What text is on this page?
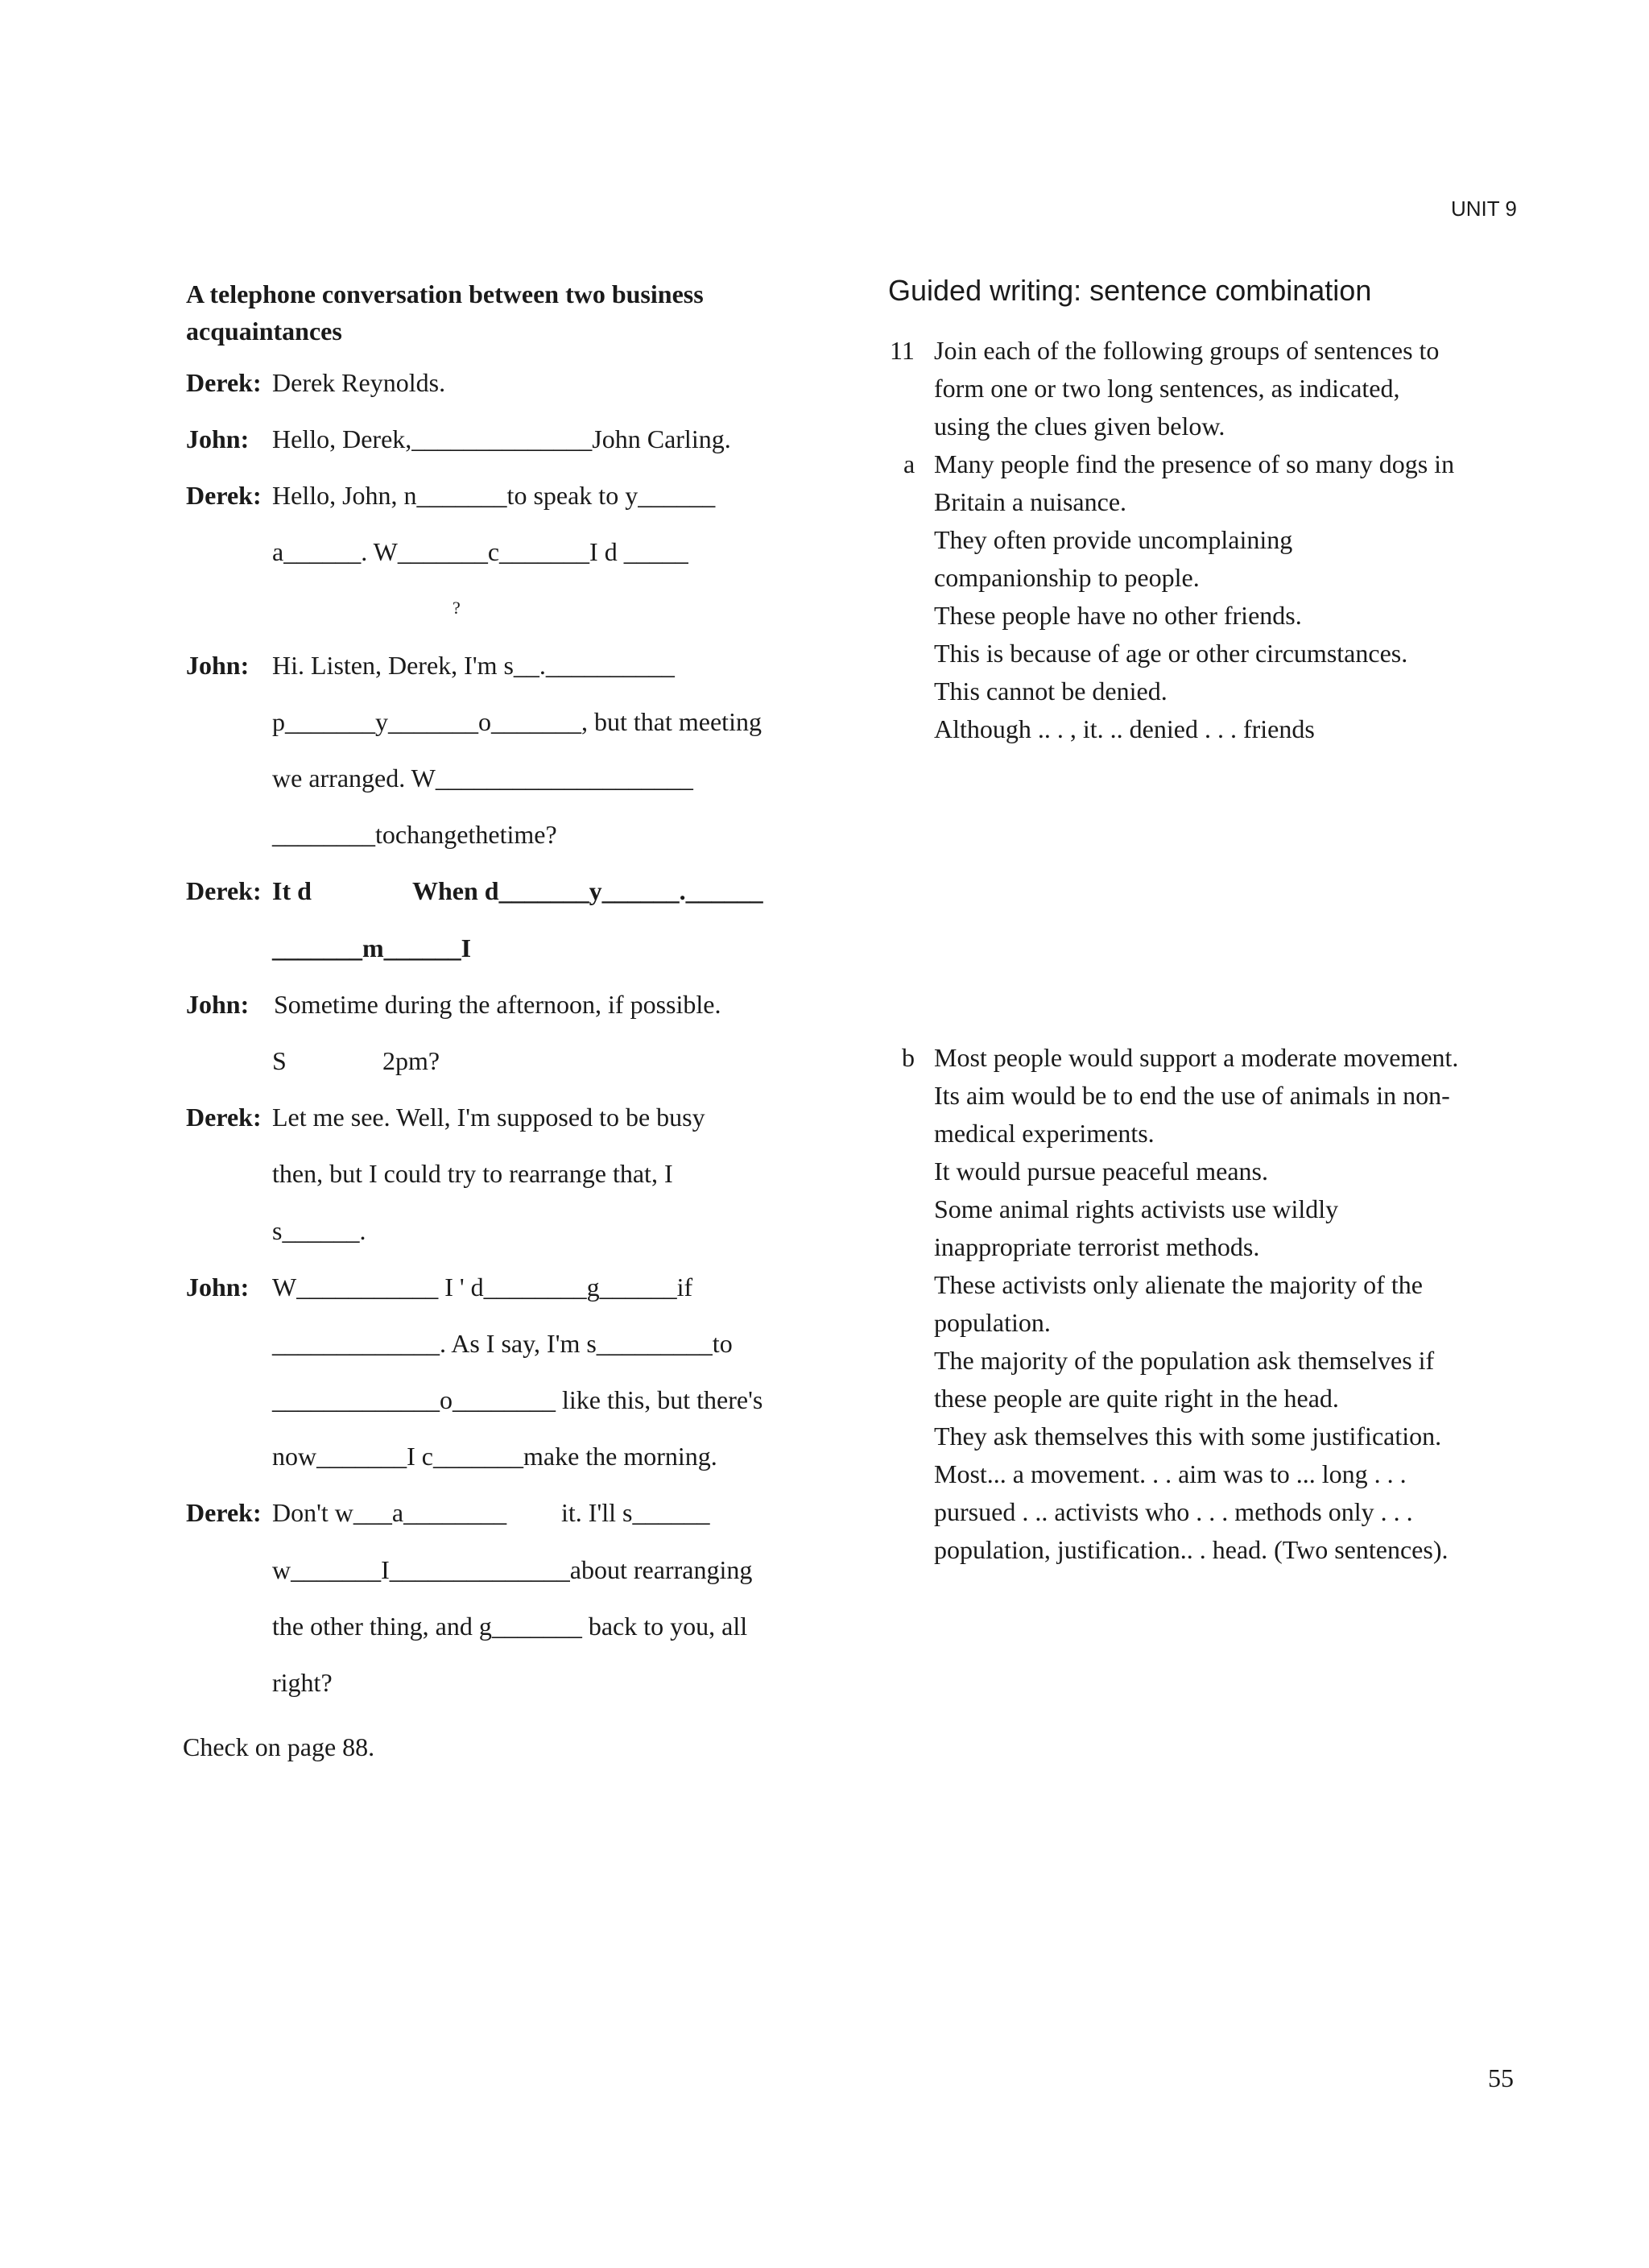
UNIT 9
A telephone conversation between two business
acquaintances
Derek:
John:
Derek:
John:
Derek:
John:
Derek:
John:
Derek:
Derek Reynolds.
Hello, Derek,______________John Carling.
Hello, John, n_______to speak to y______
a______. W_______c_______I d _____
?
Hi. Listen, Derek, I'm s__.__________
p_______y_______o_______, but that meeting
we arranged. W____________________
________tochangethetime?
It d	When d_______y______.______
_______m______I
Sometime during the afternoon, if possible.
S	2pm?
Let me see. Well, I'm supposed to be busy
then, but I could try to rearrange that, I
s______.
W___________ I ' d________g______if
_____________. As I say, I'm s_________to
_____________o________ like this, but there's
now_______I c_______make the morning.
Don't w___a________ it. I'll s______
w_______I______________about rearranging
the other thing, and g_______ back to you, all
right?
Check on page 88.
Guided writing: sentence combination
11 Join each of the following groups of sentences to
form one or two long sentences, as indicated,
using the clues given below.
a Many people find the presence of so many dogs in
Britain a nuisance.
They often provide uncomplaining
companionship to people.
These people have no other friends.
This is because of age or other circumstances.
This cannot be denied.
Although .. . , it. .. denied . . . friends
b Most people would support a moderate movement.
Its aim would be to end the use of animals in non-
medical experiments.
It would pursue peaceful means.
Some animal rights activists use wildly
inappropriate terrorist methods.
These activists only alienate the majority of the
population.
The majority of the population ask themselves if
these people are quite right in the head.
They ask themselves this with some justification.
Most... a movement. . . aim was to ... long . . .
pursued . .. activists who . . . methods only . . .
population, justification.. . head. (Two sentences).
55
